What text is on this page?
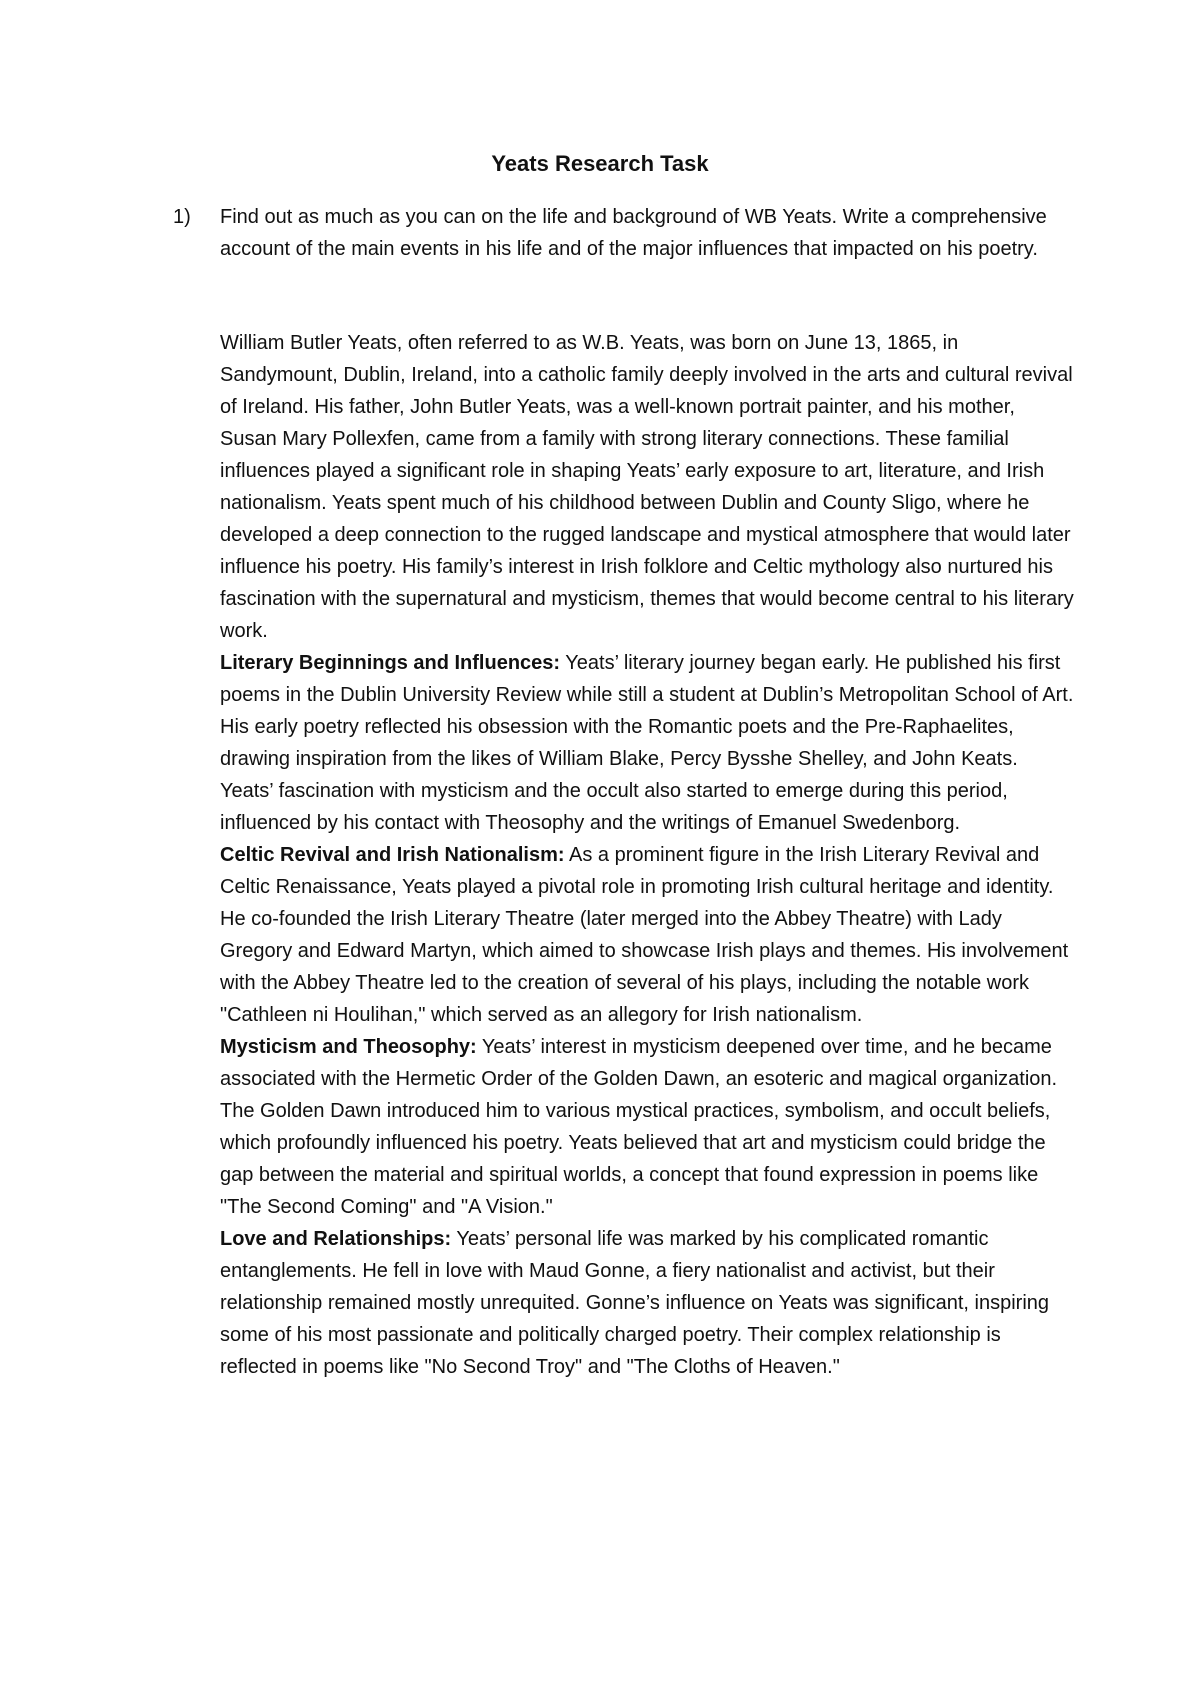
Yeats Research Task
1) Find out as much as you can on the life and background of WB Yeats. Write a comprehensive account of the main events in his life and of the major influences that impacted on his poetry.

William Butler Yeats, often referred to as W.B. Yeats, was born on June 13, 1865, in Sandymount, Dublin, Ireland, into a catholic family deeply involved in the arts and cultural revival of Ireland. His father, John Butler Yeats, was a well-known portrait painter, and his mother, Susan Mary Pollexfen, came from a family with strong literary connections. These familial influences played a significant role in shaping Yeats’ early exposure to art, literature, and Irish nationalism. Yeats spent much of his childhood between Dublin and County Sligo, where he developed a deep connection to the rugged landscape and mystical atmosphere that would later influence his poetry. His family’s interest in Irish folklore and Celtic mythology also nurtured his fascination with the supernatural and mysticism, themes that would become central to his literary work.

Literary Beginnings and Influences: Yeats’ literary journey began early. He published his first poems in the Dublin University Review while still a student at Dublin’s Metropolitan School of Art. His early poetry reflected his obsession with the Romantic poets and the Pre-Raphaelites, drawing inspiration from the likes of William Blake, Percy Bysshe Shelley, and John Keats. Yeats’ fascination with mysticism and the occult also started to emerge during this period, influenced by his contact with Theosophy and the writings of Emanuel Swedenborg.

Celtic Revival and Irish Nationalism: As a prominent figure in the Irish Literary Revival and Celtic Renaissance, Yeats played a pivotal role in promoting Irish cultural heritage and identity. He co-founded the Irish Literary Theatre (later merged into the Abbey Theatre) with Lady Gregory and Edward Martyn, which aimed to showcase Irish plays and themes. His involvement with the Abbey Theatre led to the creation of several of his plays, including the notable work "Cathleen ni Houlihan," which served as an allegory for Irish nationalism.

Mysticism and Theosophy: Yeats’ interest in mysticism deepened over time, and he became associated with the Hermetic Order of the Golden Dawn, an esoteric and magical organization. The Golden Dawn introduced him to various mystical practices, symbolism, and occult beliefs, which profoundly influenced his poetry. Yeats believed that art and mysticism could bridge the gap between the material and spiritual worlds, a concept that found expression in poems like "The Second Coming" and "A Vision."

Love and Relationships: Yeats’ personal life was marked by his complicated romantic entanglements. He fell in love with Maud Gonne, a fiery nationalist and activist, but their relationship remained mostly unrequited. Gonne’s influence on Yeats was significant, inspiring some of his most passionate and politically charged poetry. Their complex relationship is reflected in poems like "No Second Troy" and "The Cloths of Heaven."
